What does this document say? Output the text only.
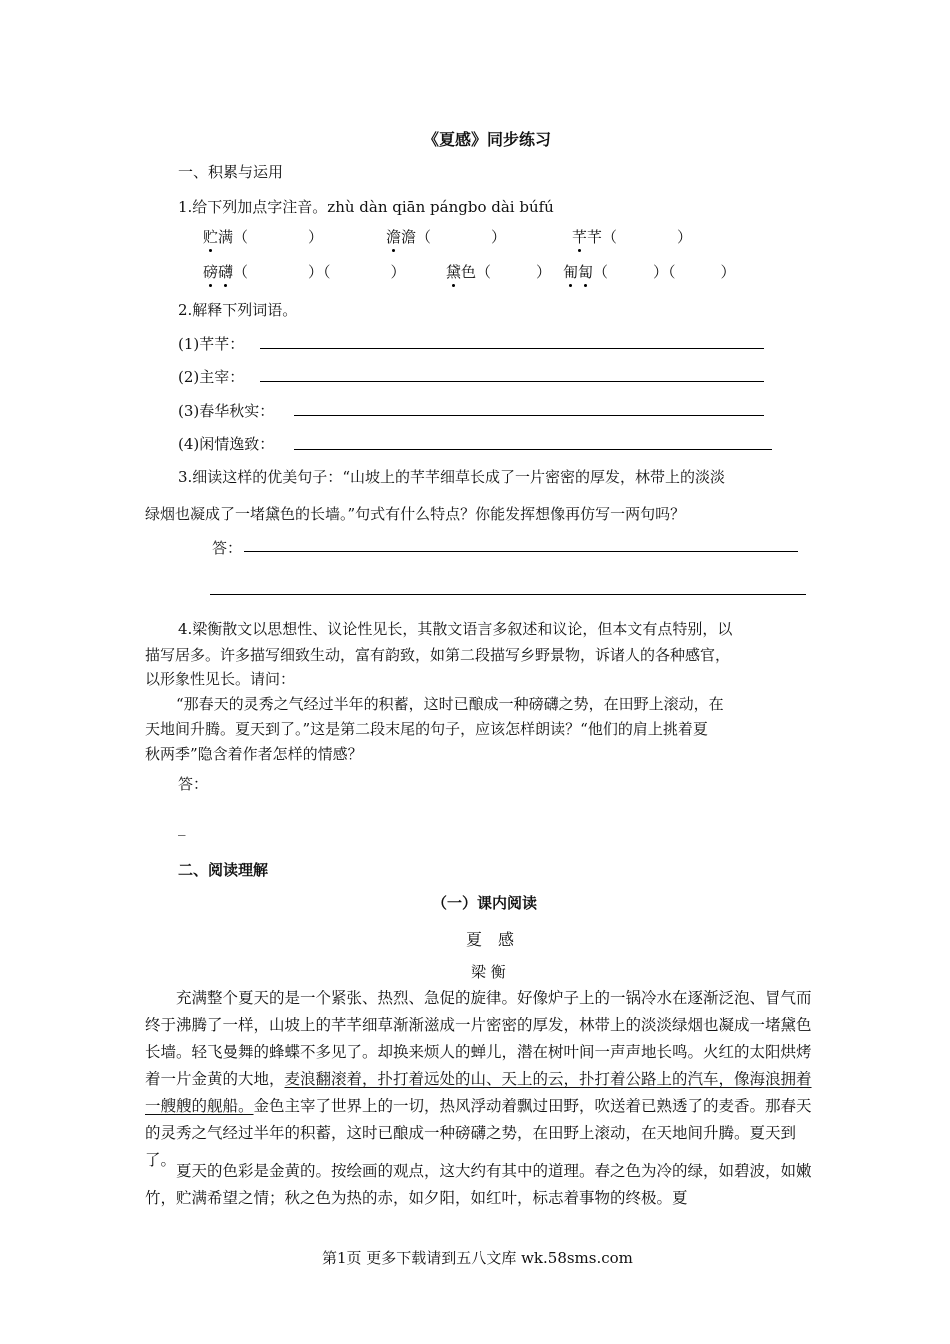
《夏感》同步练习
一、积累与运用
1.给下列加点字注音。zhù dàn qiān pángbo dài búfú
贮满（　　　　）	澹澹（　　　　）	芊芊（　　　　）
磅礴（　　　　）（　　　　）	黛色（　　　） 匍匐（　　　）（　　　）
2.解释下列词语。
(1)芊芊：
(2)主宰：
(3)春华秋实：
(4)闲情逸致：
3.细读这样的优美句子：“山坡上的芊芊细草长成了一片密密的厚发，林带上的淡淡
绿烟也凝成了一堵黛色的长墙。”句式有什么特点？你能发挥想像再仿写一两句吗？
答：
4.梁衡散文以思想性、议论性见长，其散文语言多叙述和议论，但本文有点特别，以
描写居多。许多描写细致生动，富有韵致，如第二段描写乡野景物，诉诸人的各种感官，
以形象性见长。请问：
“那春天的灵秀之气经过半年的积蓄，这时已酿成一种磅礴之势，在田野上滚动，在
天地间升腾。夏天到了。”这是第二段末尾的句子，应该怎样朗读？“他们的肩上挑着夏
秋两季”隐含着作者怎样的情感？
答：
_
二、阅读理解
（一）课内阅读
夏　感
梁 衡
充满整个夏天的是一个紧张、热烈、急促的旋律。好像炉子上的一锅冷水在逐渐泛泡、冒气而终于沸腾了一样，山坡上的芊芊细草渐渐滋成一片密密的厚发，林带上的淡淡绿烟也凝成一堵黛色长墙。轻飞曼舞的蜂蝶不多见了。却换来烦人的蝉儿，潜在树叶间一声声地长鸣。火红的太阳烘烤着一片金黄的大地，麦浪翻滚着，扑打着远处的山、天上的云，扑打着公路上的汽车，像海浪拥着一艘艘的舰船。金色主宰了世界上的一切，热风浮动着飘过田野，吹送着已熟透了的麦香。那春天的灵秀之气经过半年的积蓄，这时已酿成一种磅礴之势，在田野上滚动，在天地间升腾。夏天到了。
夏天的色彩是金黄的。按绘画的观点，这大约有其中的道理。春之色为冷的绿，如碧波，如嫩竹，贮满希望之情；秋之色为热的赤，如夕阳，如红叶，标志着事物的终极。夏
第1页 更多下载请到五八文库 wk.58sms.com
